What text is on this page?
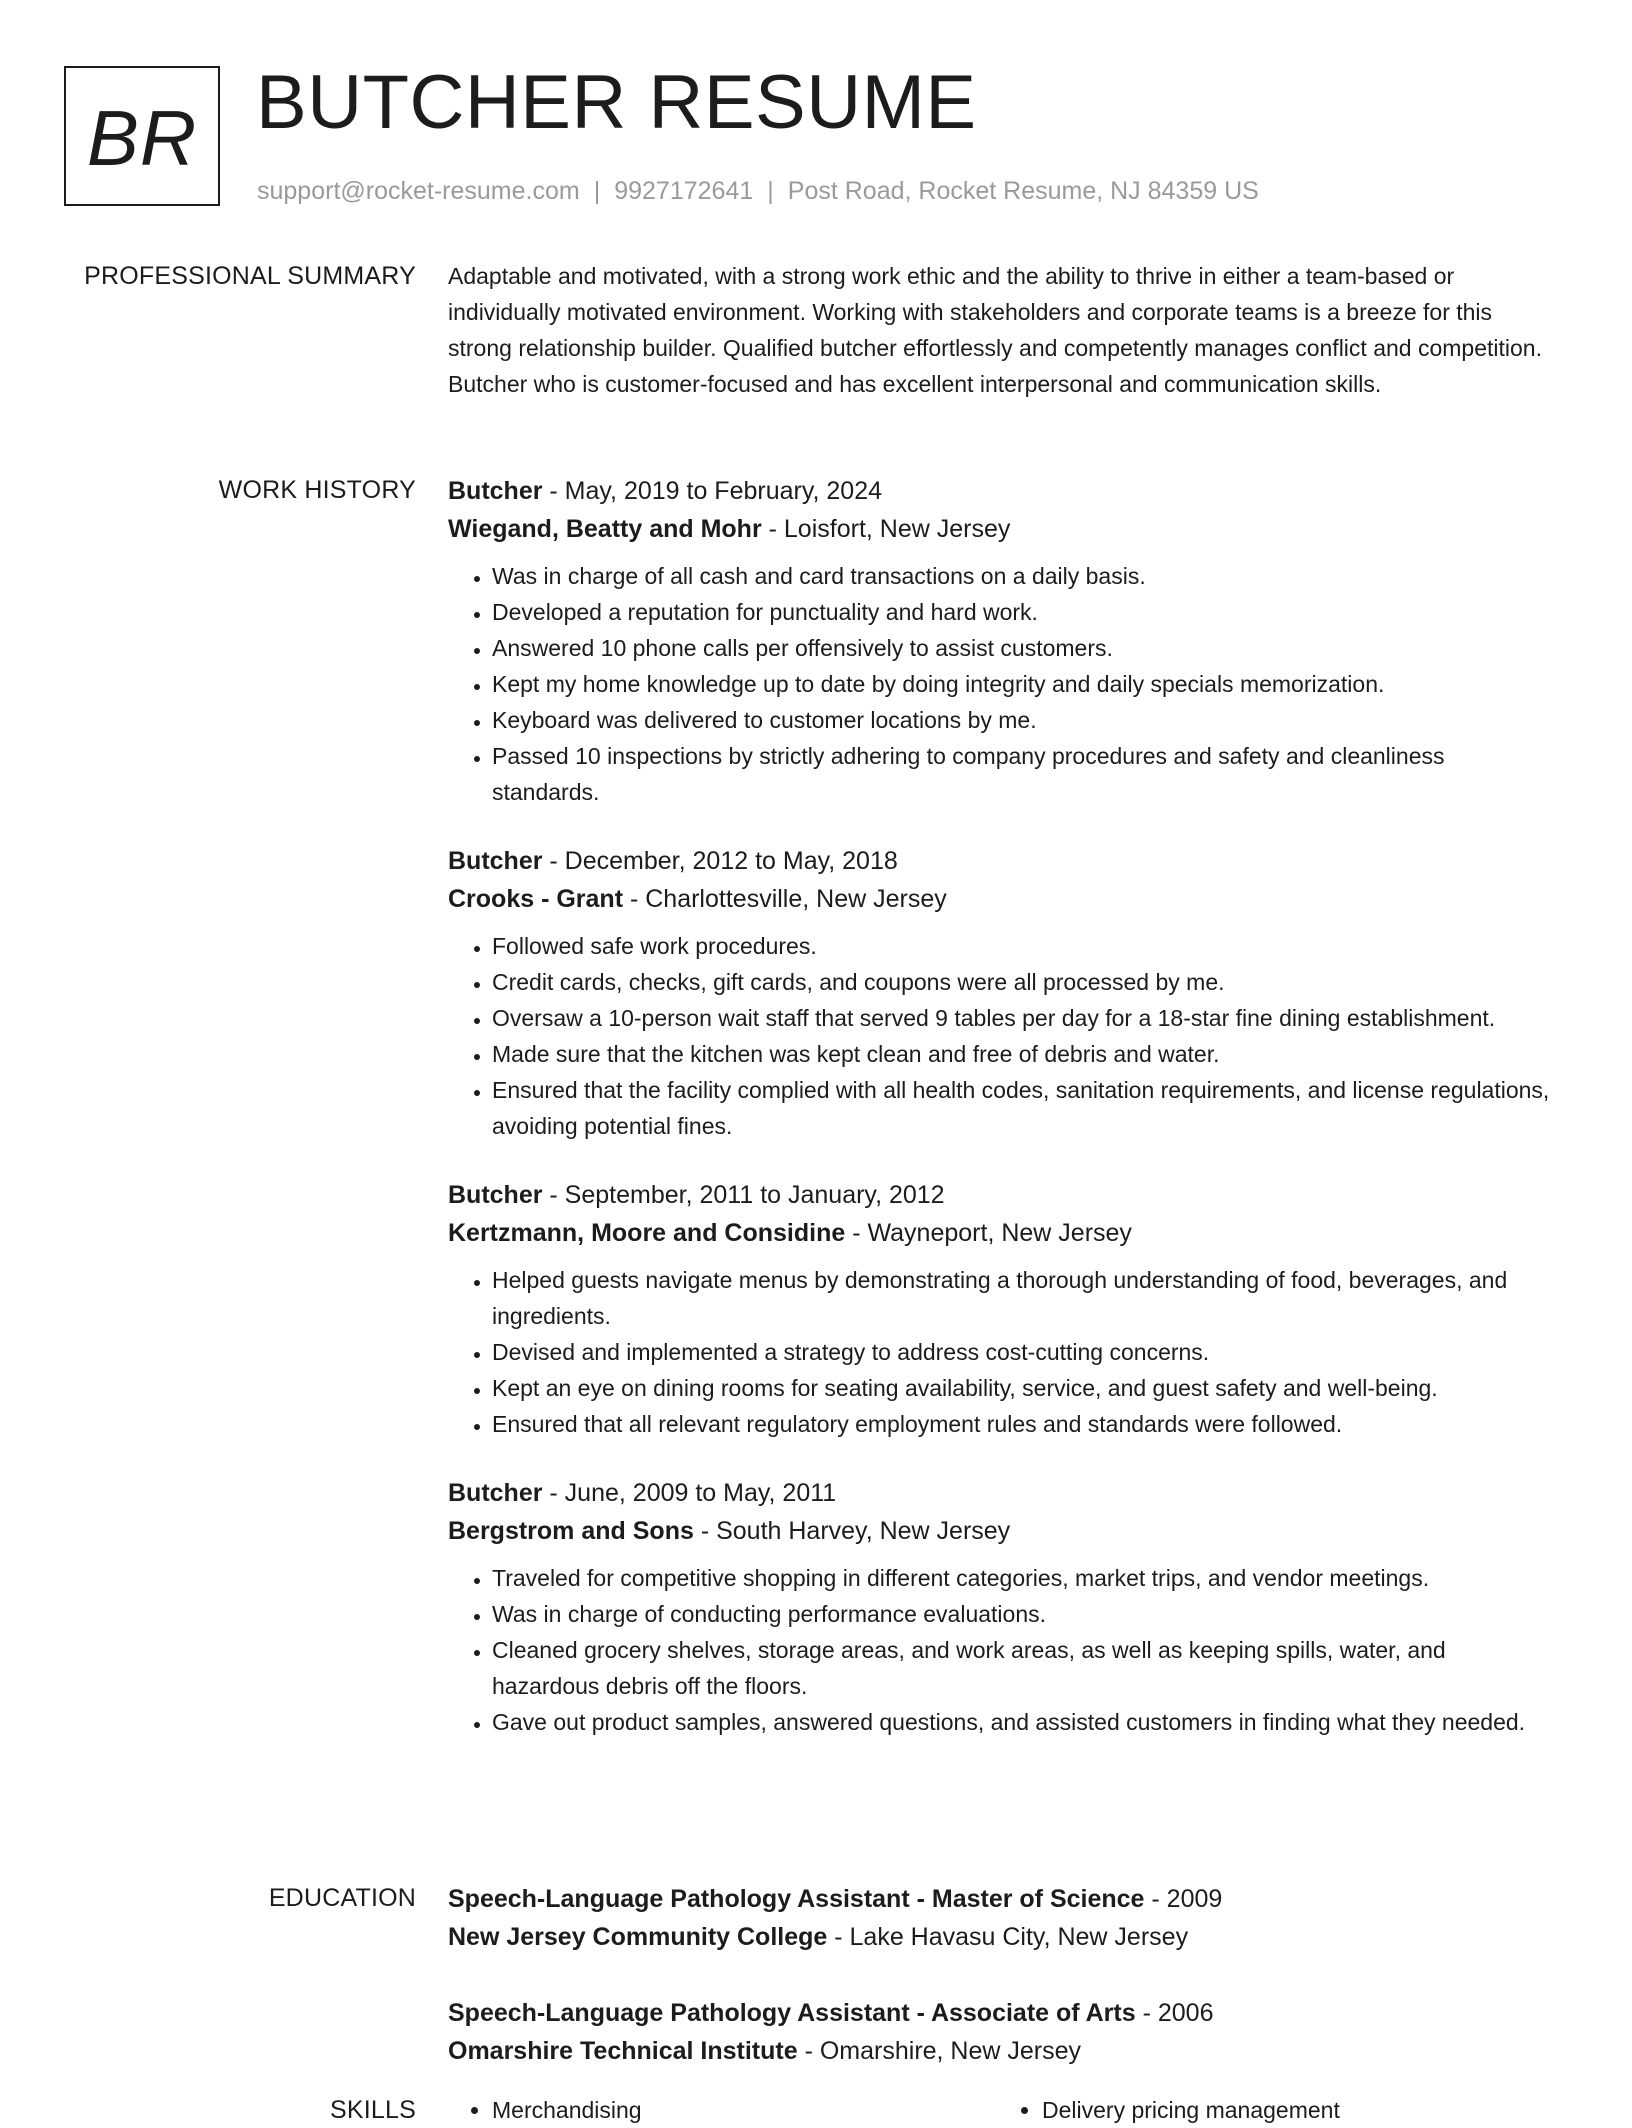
BR BUTCHER RESUME
support@rocket-resume.com | 9927172641 | Post Road, Rocket Resume, NJ 84359 US
PROFESSIONAL SUMMARY Adaptable and motivated, with a strong work ethic and the ability to thrive in either a team-based or individually motivated environment. Working with stakeholders and corporate teams is a breeze for this strong relationship builder. Qualified butcher effortlessly and competently manages conflict and competition. Butcher who is customer-focused and has excellent interpersonal and communication skills.

WORK HISTORY Butcher - May, 2019 to February, 2024

Wiegand, Beatty and Mohr - Loisfort, New Jersey

• Was in charge of all cash and card transactions on a daily basis.
• Developed a reputation for punctuality and hard work.
• Answered 10 phone calls per offensively to assist customers.
• Kept my home knowledge up to date by doing integrity and daily specials memorization.
• Keyboard was delivered to customer locations by me.
• Passed 10 inspections by strictly adhering to company procedures and safety and cleanliness standards.

Butcher - December, 2012 to May, 2018

Crooks - Grant - Charlottesville, New Jersey

• Followed safe work procedures.
• Credit cards, checks, gift cards, and coupons were all processed by me.
• Oversaw a 10-person wait staff that served 9 tables per day for a 18-star fine dining establishment.
• Made sure that the kitchen was kept clean and free of debris and water.
• Ensured that the facility complied with all health codes, sanitation requirements, and license regulations, avoiding potential fines.

Butcher - September, 2011 to January, 2012

Kertzmann, Moore and Considine - Wayneport, New Jersey

• Helped guests navigate menus by demonstrating a thorough understanding of food, beverages, and ingredients.
• Devised and implemented a strategy to address cost-cutting concerns.
• Kept an eye on dining rooms for seating availability, service, and guest safety and well-being.
• Ensured that all relevant regulatory employment rules and standards were followed.

Butcher - June, 2009 to May, 2011

Bergstrom and Sons - South Harvey, New Jersey

• Traveled for competitive shopping in different categories, market trips, and vendor meetings.
• Was in charge of conducting performance evaluations.
• Cleaned grocery shelves, storage areas, and work areas, as well as keeping spills, water, and hazardous debris off the floors.
• Gave out product samples, answered questions, and assisted customers in finding what they needed.
EDUCATION Speech-Language Pathology Assistant - Master of Science - 2009

New Jersey Community College - Lake Havasu City, New Jersey

Speech-Language Pathology Assistant - Associate of Arts - 2006

Omarshire Technical Institute - Omarshire, New Jersey

SKILLS	• Merchandising	• Delivery pricing management
